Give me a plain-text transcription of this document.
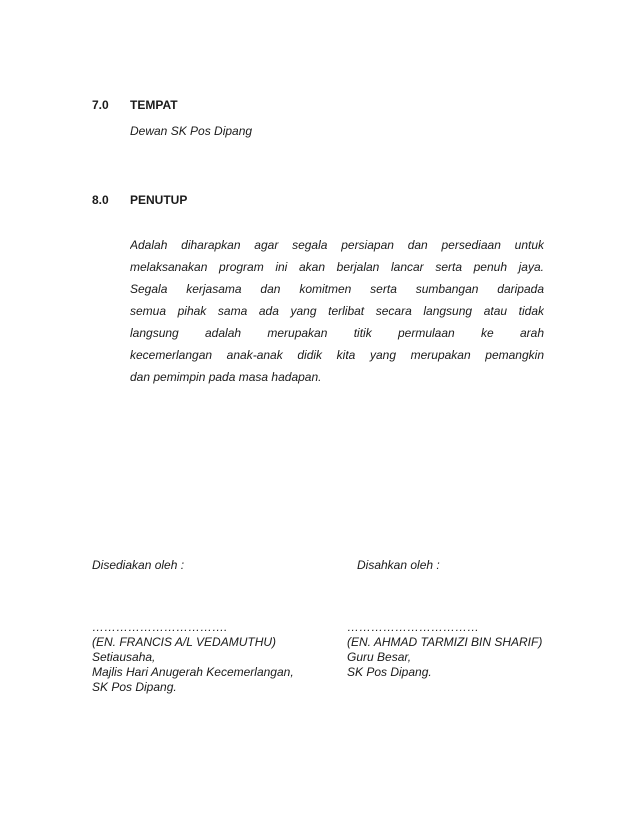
7.0 TEMPAT
Dewan SK Pos Dipang
8.0 PENUTUP
Adalah diharapkan agar segala persiapan dan persediaan untuk
melaksanakan program ini akan berjalan lancar serta penuh jaya.
Segala kerjasama dan komitmen serta sumbangan daripada
semua pihak sama ada yang terlibat secara langsung atau tidak
langsung adalah merupakan titik permulaan ke arah
kecemerlangan anak-anak didik kita yang merupakan pemangkin
dan pemimpin pada masa hadapan.
Disediakan oleh :	Disahkan oleh :
…………………………….
(EN. FRANCIS A/L VEDAMUTHU)
Setiausaha,
Majlis Hari Anugerah Kecemerlangan,
SK Pos Dipang.
……………………………
(EN. AHMAD TARMIZI BIN SHARIF)
Guru Besar,
SK Pos Dipang.
